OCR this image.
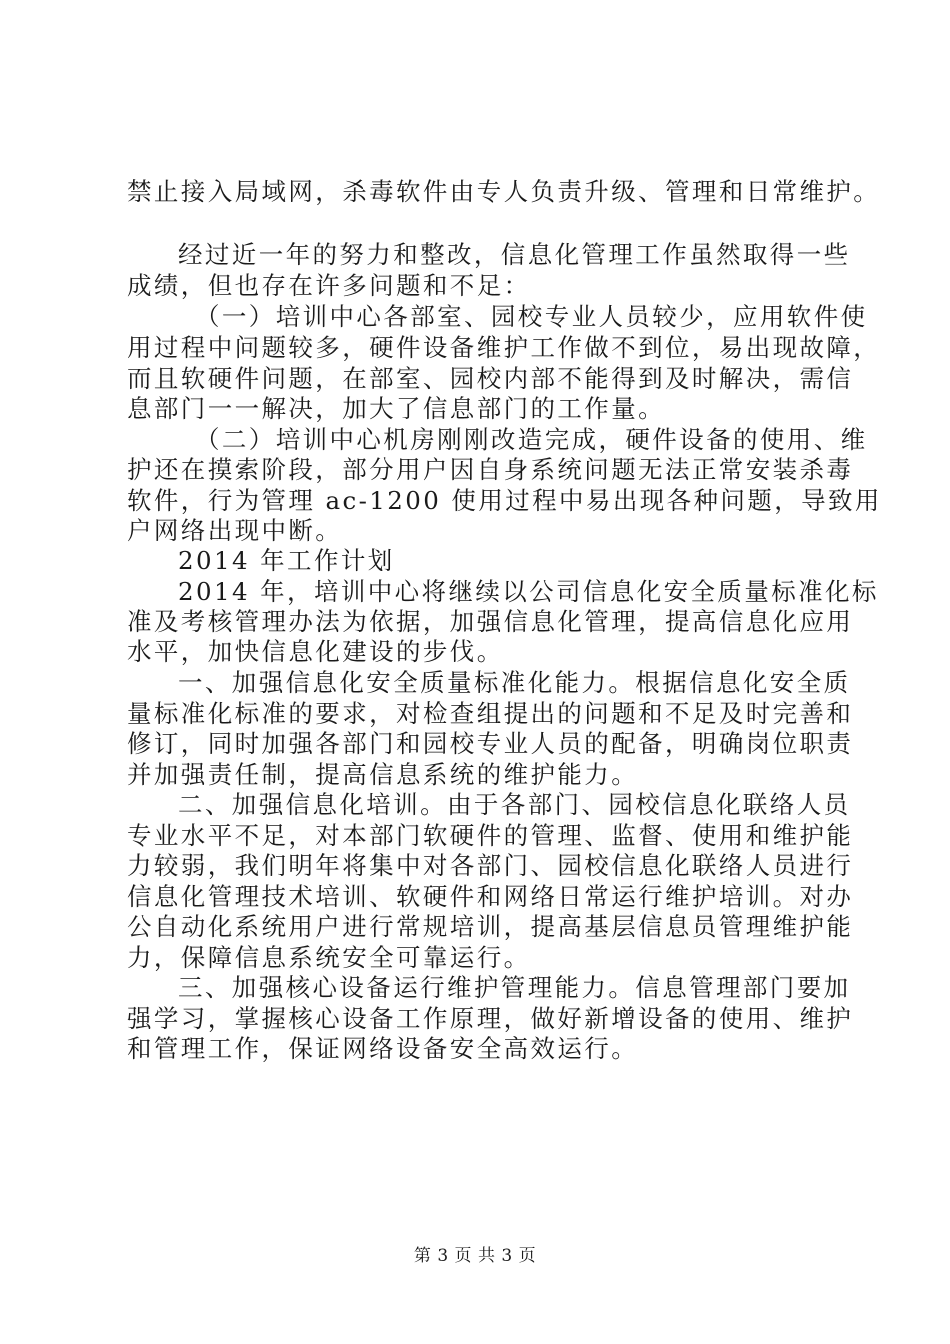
禁止接入局域网，杀毒软件由专人负责升级、管理和日常维护。
经过近一年的努力和整改，信息化管理工作虽然取得一些
成绩，但也存在许多问题和不足：
（一）培训中心各部室、园校专业人员较少，应用软件使
用过程中问题较多，硬件设备维护工作做不到位，易出现故障，
而且软硬件问题，在部室、园校内部不能得到及时解决，需信
息部门一一解决，加大了信息部门的工作量。
（二）培训中心机房刚刚改造完成，硬件设备的使用、维
护还在摸索阶段，部分用户因自身系统问题无法正常安装杀毒
软件，行为管理 ac-1200 使用过程中易出现各种问题，导致用
户网络出现中断。
2014 年工作计划
2014 年，培训中心将继续以公司信息化安全质量标准化标
准及考核管理办法为依据，加强信息化管理，提高信息化应用
水平，加快信息化建设的步伐。
一、加强信息化安全质量标准化能力。根据信息化安全质
量标准化标准的要求，对检查组提出的问题和不足及时完善和
修订，同时加强各部门和园校专业人员的配备，明确岗位职责
并加强责任制，提高信息系统的维护能力。
二、加强信息化培训。由于各部门、园校信息化联络人员
专业水平不足，对本部门软硬件的管理、监督、使用和维护能
力较弱，我们明年将集中对各部门、园校信息化联络人员进行
信息化管理技术培训、软硬件和网络日常运行维护培训。对办
公自动化系统用户进行常规培训，提高基层信息员管理维护能
力，保障信息系统安全可靠运行。
三、加强核心设备运行维护管理能力。信息管理部门要加
强学习，掌握核心设备工作原理，做好新增设备的使用、维护
和管理工作，保证网络设备安全高效运行。
第 3 页 共 3 页
